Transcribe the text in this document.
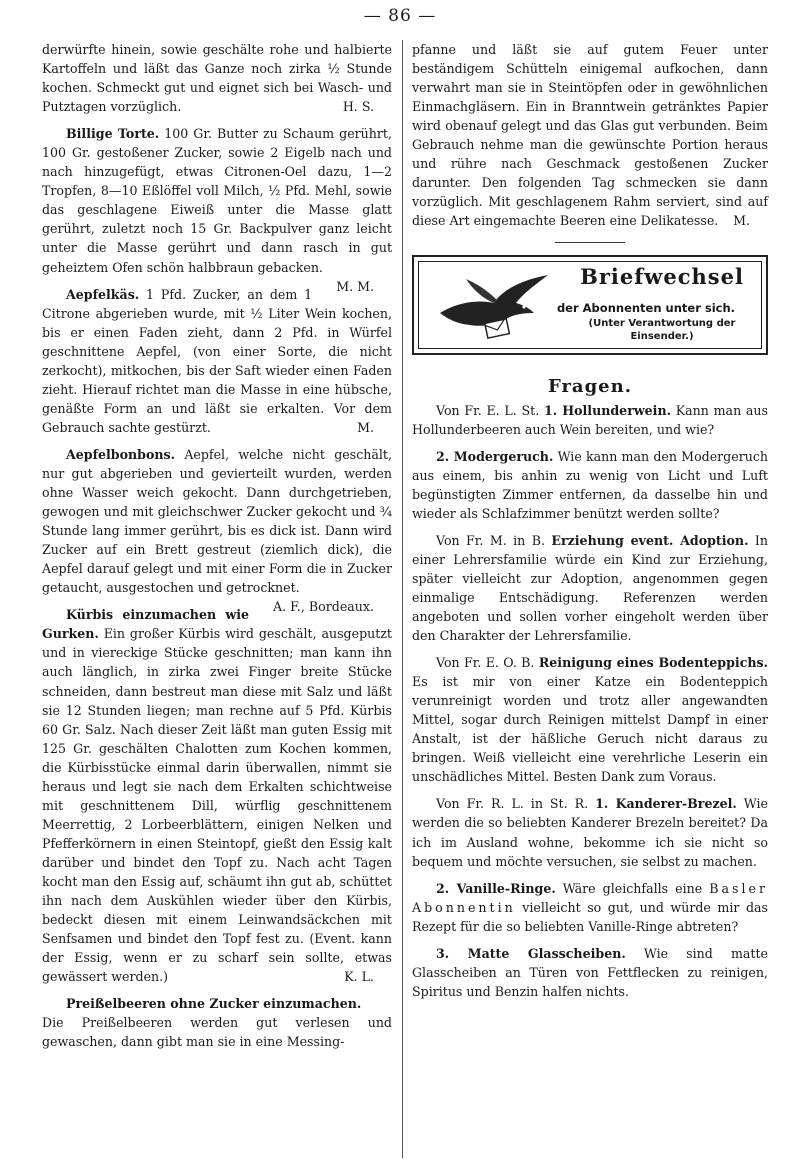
— 86 —

derwürfte hinein, sowie geschälte rohe und halbierte Kartoffeln und läßt das Ganze noch zirka ½ Stunde kochen. Schmeckt gut und eignet sich bei Wasch- und Putztagen vorzüglich.	H. S.

Billige Torte. 100 Gr. Butter zu Schaum gerührt, 100 Gr. gestoßener Zucker, sowie 2 Eigelb nach und nach hinzugefügt, etwas Citronen-Oel dazu, 1—2 Tropfen, 8—10 Eßlöffel voll Milch, ½ Pfd. Mehl, sowie das geschlagene Eiweiß unter die Masse glatt gerührt, zuletzt noch 15 Gr. Backpulver ganz leicht unter die Masse gerührt und dann rasch in gut geheiztem Ofen schön halbbraun gebacken.
M. M.

Aepfelkäs. 1 Pfd. Zucker, an dem 1 Citrone abgerieben wurde, mit ½ Liter Wein kochen, bis er einen Faden zieht, dann 2 Pfd. in Würfel geschnittene Aepfel, (von einer Sorte, die nicht zerkocht), mitkochen, bis der Saft wieder einen Faden zieht. Hierauf richtet man die Masse in eine hübsche, genäßte Form an und läßt sie erkalten. Vor dem Gebrauch sachte gestürzt.	M.

Aepfelbonbons. Aepfel, welche nicht geschält, nur gut abgerieben und gevierteilt wurden, werden ohne Wasser weich gekocht. Dann durchgetrieben, gewogen und mit gleichschwer Zucker gekocht und ¾ Stunde lang immer gerührt, bis es dick ist. Dann wird Zucker auf ein Brett gestreut (ziemlich dick), die Aepfel darauf gelegt und mit einer Form die in Zucker getaucht, ausgestochen und getrocknet.
A. F., Bordeaux.

Kürbis einzumachen wie Gurken. Ein großer Kürbis wird geschält, ausgeputzt und in viereckige Stücke geschnitten; man kann ihn auch länglich, in zirka zwei Finger breite Stücke schneiden, dann bestreut man diese mit Salz und läßt sie 12 Stunden liegen; man rechne auf 5 Pfd. Kürbis 60 Gr. Salz. Nach dieser Zeit läßt man guten Essig mit 125 Gr. geschälten Chalotten zum Kochen kommen, die Kürbisstücke einmal darin überwallen, nimmt sie heraus und legt sie nach dem Erkalten schichtweise mit geschnittenem Dill, würflig geschnittenem Meerrettig, 2 Lorbeerblättern, einigen Nelken und Pfefferkörnern in einen Steintopf, gießt den Essig kalt darüber und bindet den Topf zu. Nach acht Tagen kocht man den Essig auf, schäumt ihn gut ab, schüttet ihn nach dem Auskühlen wieder über den Kürbis, bedeckt diesen mit einem Leinwandsäckchen mit Senfsamen und bindet den Topf fest zu. (Event. kann der Essig, wenn er zu scharf sein sollte, etwas gewässert werden.)	K. L.

Preißelbeeren ohne Zucker einzumachen.

Die Preißelbeeren werden gut verlesen und gewaschen, dann gibt man sie in eine Messing-

pfanne und läßt sie auf gutem Feuer unter beständigem Schütteln einigemal aufkochen, dann verwahrt man sie in Steintöpfen oder in gewöhnlichen Einmachgläsern. Ein in Branntwein getränktes Papier wird obenauf gelegt und das Glas gut verbunden. Beim Gebrauch nehme man die gewünschte Portion heraus und rühre nach Geschmack gestoßenen Zucker darunter. Den folgenden Tag schmecken sie dann vorzüglich. Mit geschlagenem Rahm serviert, sind auf diese Art eingemachte Beeren eine Delikatesse. M.

Briefwechsel
der Abonnenten unter sich.
(Unter Verantwortung der Einsender.)

Fragen.

Von Fr. E. L. St. 1. Hollunderwein. Kann man aus Hollunderbeeren auch Wein bereiten, und wie?

2. Modergeruch. Wie kann man den Modergeruch aus einem, bis anhin zu wenig von Licht und Luft begünstigten Zimmer entfernen, da dasselbe hin und wieder als Schlafzimmer benützt werden sollte?

Von Fr. M. in B. Erziehung event. Adoption. In einer Lehrersfamilie würde ein Kind zur Erziehung, später vielleicht zur Adoption, angenommen gegen einmalige Entschädigung. Referenzen werden angeboten und sollen vorher eingeholt werden über den Charakter der Lehrersfamilie.

Von Fr. E. O. B. Reinigung eines Bodenteppichs. Es ist mir von einer Katze ein Bodenteppich verunreinigt worden und trotz aller angewandten Mittel, sogar durch Reinigen mittelst Dampf in einer Anstalt, ist der häßliche Geruch nicht daraus zu bringen. Weiß vielleicht eine verehrliche Leserin ein unschädliches Mittel. Besten Dank zum Voraus.

Von Fr. R. L. in St. R. 1. Kanderer-Brezel. Wie werden die so beliebten Kanderer Brezeln bereitet? Da ich im Ausland wohne, bekomme ich sie nicht so bequem und möchte versuchen, sie selbst zu machen.

2. Vanille-Ringe. Wäre gleichfalls eine Basler Abonnentin vielleicht so gut, und würde mir das Rezept für die so beliebten Vanille-Ringe abtreten?

3. Matte Glasscheiben. Wie sind matte Glasscheiben an Türen von Fettflecken zu reinigen, Spiritus und Benzin halfen nichts.
